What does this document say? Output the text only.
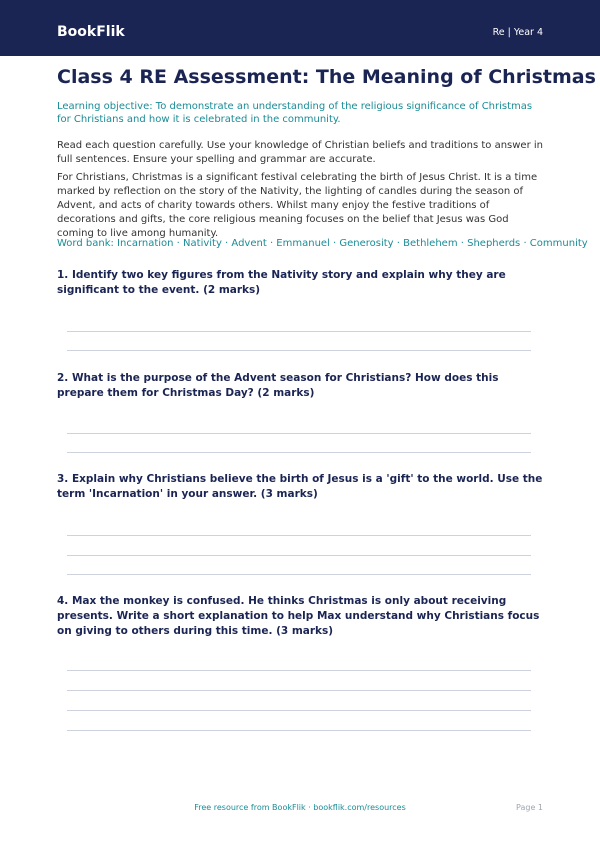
BookFlik	Re | Year 4
Class 4 RE Assessment: The Meaning of Christmas

Learning objective: To demonstrate an understanding of the religious significance of Christmas for Christians and how it is celebrated in the community.

Read each question carefully. Use your knowledge of Christian beliefs and traditions to answer in full sentences. Ensure your spelling and grammar are accurate.

For Christians, Christmas is a significant festival celebrating the birth of Jesus Christ. It is a time marked by reflection on the story of the Nativity, the lighting of candles during the season of Advent, and acts of charity towards others. Whilst many enjoy the festive traditions of decorations and gifts, the core religious meaning focuses on the belief that Jesus was God coming to live among humanity.

Word bank: Incarnation · Nativity · Advent · Emmanuel · Generosity · Bethlehem · Shepherds · Community

1. Identify two key figures from the Nativity story and explain why they are significant to the event. (2 marks)

2. What is the purpose of the Advent season for Christians? How does this prepare them for Christmas Day? (2 marks)

3. Explain why Christians believe the birth of Jesus is a 'gift' to the world. Use the term 'Incarnation' in your answer. (3 marks)

4. Max the monkey is confused. He thinks Christmas is only about receiving presents. Write a short explanation to help Max understand why Christians focus on giving to others during this time. (3 marks)

Free resource from BookFlik · bookflik.com/resources	Page 1
